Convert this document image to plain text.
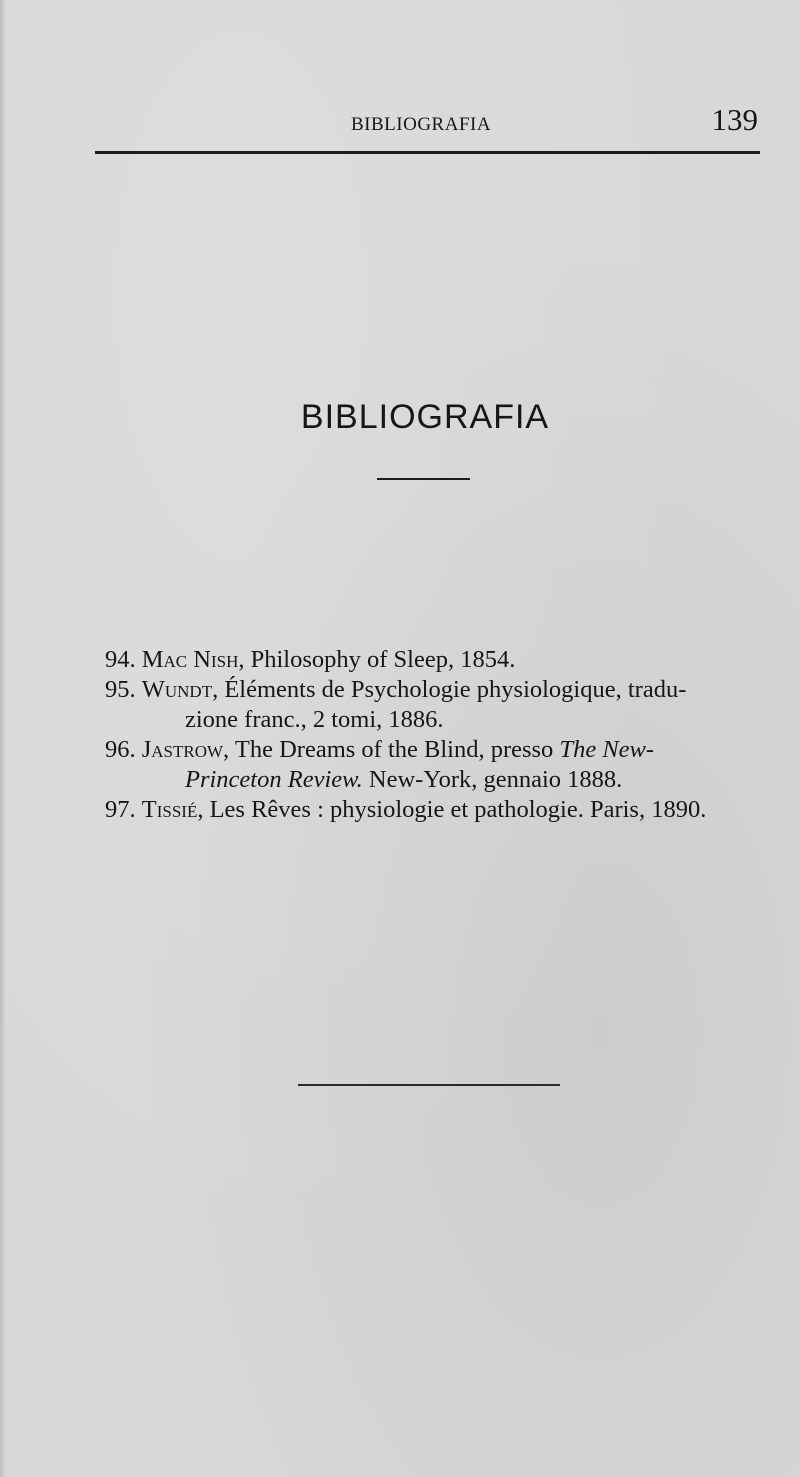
BIBLIOGRAFIA	139
BIBLIOGRAFIA
94. Mac Nish, Philosophy of Sleep, 1854.
95. Wundt, Éléments de Psychologie physiologique, tradu-
zione franc., 2 tomi, 1886.
96. Jastrow, The Dreams of the Blind, presso The New-
Princeton Review. New-York, gennaio 1888.
97. Tissié, Les Rêves : physiologie et pathologie. Paris, 1890.
